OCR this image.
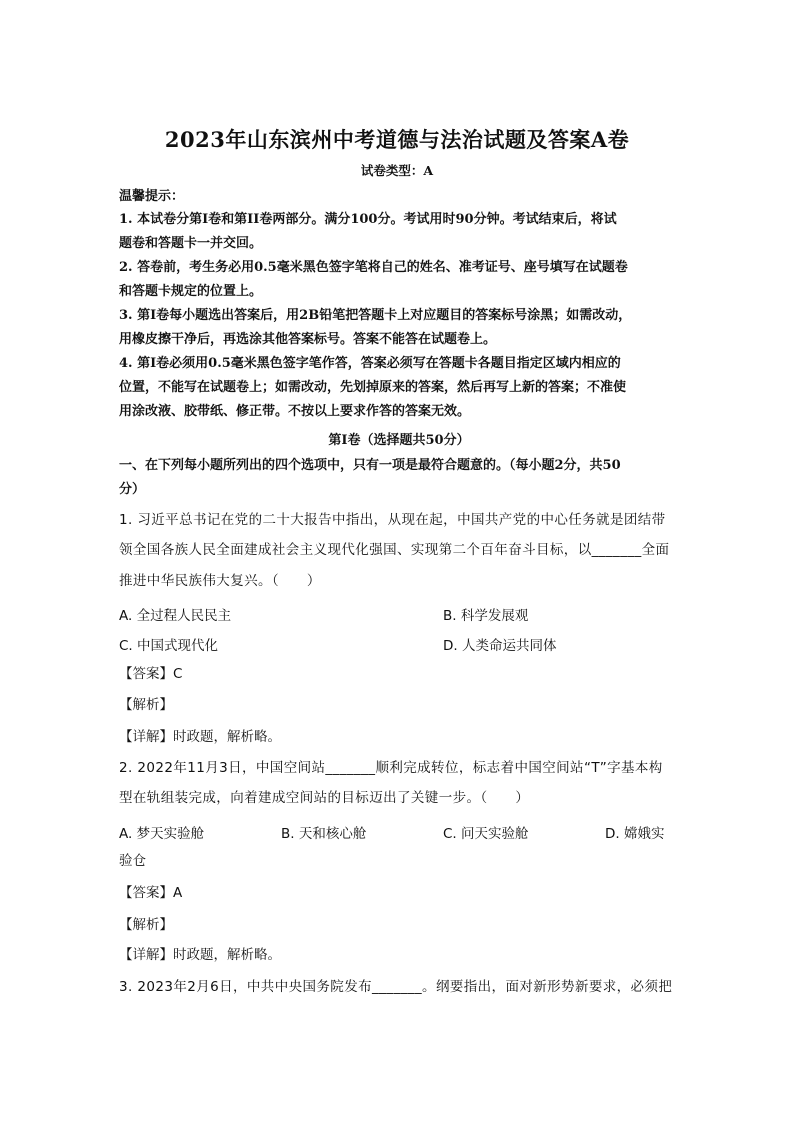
2023年山东滨州中考道德与法治试题及答案A卷
试卷类型：A
温馨提示：
1. 本试卷分第I卷和第II卷两部分。满分100分。考试用时90分钟。考试结束后，将试
题卷和答题卡一并交回。
2. 答卷前，考生务必用0.5毫米黑色签字笔将自己的姓名、准考证号、座号填写在试题卷
和答题卡规定的位置上。
3. 第I卷每小题选出答案后，用2B铅笔把答题卡上对应题目的答案标号涂黑；如需改动，
用橡皮擦干净后，再选涂其他答案标号。答案不能答在试题卷上。
4. 第I卷必须用0.5毫米黑色签字笔作答，答案必须写在答题卡各题目指定区域内相应的
位置，不能写在试题卷上；如需改动，先划掉原来的答案，然后再写上新的答案；不准使
用涂改液、胶带纸、修正带。不按以上要求作答的答案无效。
第I卷（选择题共50分）
一、在下列每小题所列出的四个选项中，只有一项是最符合题意的。（每小题2分，共50
分）
1. 习近平总书记在党的二十大报告中指出，从现在起，中国共产党的中心任务就是团结带
领全国各族人民全面建成社会主义现代化强国、实现第二个百年奋斗目标，以_______全面
推进中华民族伟大复兴。（　　）
A. 全过程人民民主	B. 科学发展观
C. 中国式现代化	D. 人类命运共同体
【答案】C
【解析】
【详解】时政题，解析略。
2. 2022年11月3日，中国空间站_______顺利完成转位，标志着中国空间站“T”字基本构
型在轨组装完成，向着建成空间站的目标迈出了关键一步。（　　）
A. 梦天实验舱	B. 天和核心舱	C. 问天实验舱	D. 嫦娥实
验仓
【答案】A
【解析】
【详解】时政题，解析略。
3. 2023年2月6日，中共中央国务院发布_______。纲要指出，面对新形势新要求，必须把
